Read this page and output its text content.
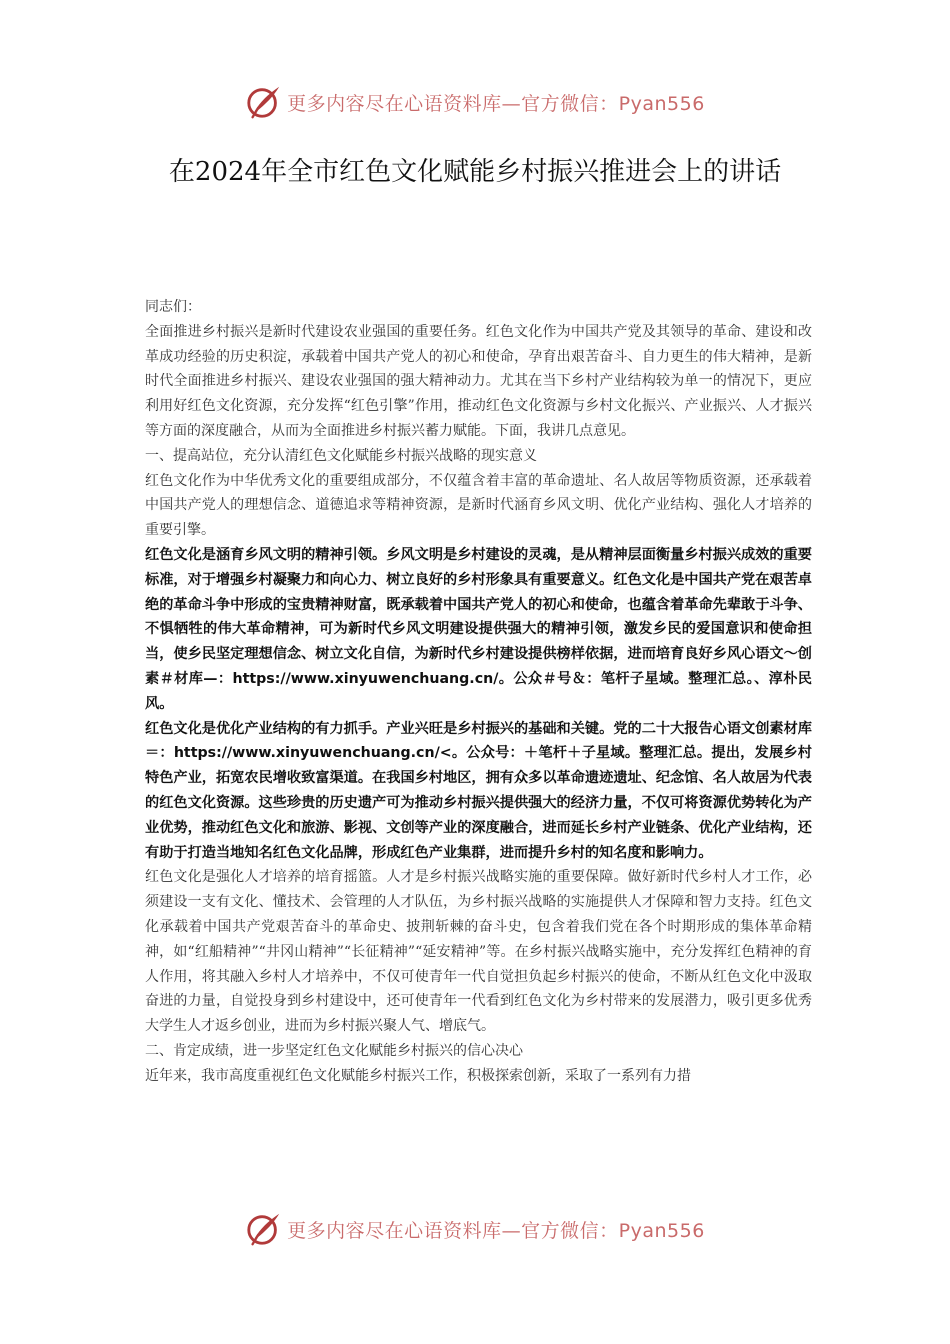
更多内容尽在心语资料库—官方微信：Pyan556
在2024年全市红色文化赋能乡村振兴推进会上的讲话

同志们：

全面推进乡村振兴是新时代建设农业强国的重要任务。红色文化作为中国共产党及其领导的革命、建设和改革成功经验的历史积淀，承载着中国共产党人的初心和使命，孕育出艰苦奋斗、自力更生的伟大精神，是新时代全面推进乡村振兴、建设农业强国的强大精神动力。尤其在当下乡村产业结构较为单一的情况下，更应利用好红色文化资源，充分发挥“红色引擎”作用，推动红色文化资源与乡村文化振兴、产业振兴、人才振兴等方面的深度融合，从而为全面推进乡村振兴蓄力赋能。下面，我讲几点意见。

一、提高站位，充分认清红色文化赋能乡村振兴战略的现实意义

红色文化作为中华优秀文化的重要组成部分，不仅蕴含着丰富的革命遗址、名人故居等物质资源，还承载着中国共产党人的理想信念、道德追求等精神资源，是新时代涵育乡风文明、优化产业结构、强化人才培养的重要引擎。

红色文化是涵育乡风文明的精神引领。乡风文明是乡村建设的灵魂，是从精神层面衡量乡村振兴成效的重要标准，对于增强乡村凝聚力和向心力、树立良好的乡村形象具有重要意义。红色文化是中国共产党在艰苦卓绝的革命斗争中形成的宝贵精神财富，既承载着中国共产党人的初心和使命，也蕴含着革命先辈敢于斗争、不惧牺牲的伟大革命精神，可为新时代乡风文明建设提供强大的精神引领，激发乡民的爱国意识和使命担当，使乡民坚定理想信念、树立文化自信，为新时代乡村建设提供榜样依据，进而培育良好乡风心语文～创素＃材库—：https://www.xinyuwenchuang.cn/。公众＃号＆：笔杆子星域。整理汇总。、淳朴民风。

红色文化是优化产业结构的有力抓手。产业兴旺是乡村振兴的基础和关键。党的二十大报告心语文创素材库＝：https://www.xinyuwenchuang.cn/<。公众号：＋笔杆＋子星域。整理汇总。提出，发展乡村特色产业，拓宽农民增收致富渠道。在我国乡村地区，拥有众多以革命遗迹遗址、纪念馆、名人故居为代表的红色文化资源。这些珍贵的历史遗产可为推动乡村振兴提供强大的经济力量，不仅可将资源优势转化为产业优势，推动红色文化和旅游、影视、文创等产业的深度融合，进而延长乡村产业链条、优化产业结构，还有助于打造当地知名红色文化品牌，形成红色产业集群，进而提升乡村的知名度和影响力。

红色文化是强化人才培养的培育摇篮。人才是乡村振兴战略实施的重要保障。做好新时代乡村人才工作，必须建设一支有文化、懂技术、会管理的人才队伍，为乡村振兴战略的实施提供人才保障和智力支持。红色文化承载着中国共产党艰苦奋斗的革命史、披荆斩棘的奋斗史，包含着我们党在各个时期形成的集体革命精神，如“红船精神”“井冈山精神”“长征精神”“延安精神”等。在乡村振兴战略实施中，充分发挥红色精神的育人作用，将其融入乡村人才培养中，不仅可使青年一代自觉担负起乡村振兴的使命，不断从红色文化中汲取奋进的力量，自觉投身到乡村建设中，还可使青年一代看到红色文化为乡村带来的发展潜力，吸引更多优秀大学生人才返乡创业，进而为乡村振兴聚人气、增底气。

二、肯定成绩，进一步坚定红色文化赋能乡村振兴的信心决心

近年来，我市高度重视红色文化赋能乡村振兴工作，积极探索创新，采取了一系列有力措

更多内容尽在心语资料库—官方微信：Pyan556
